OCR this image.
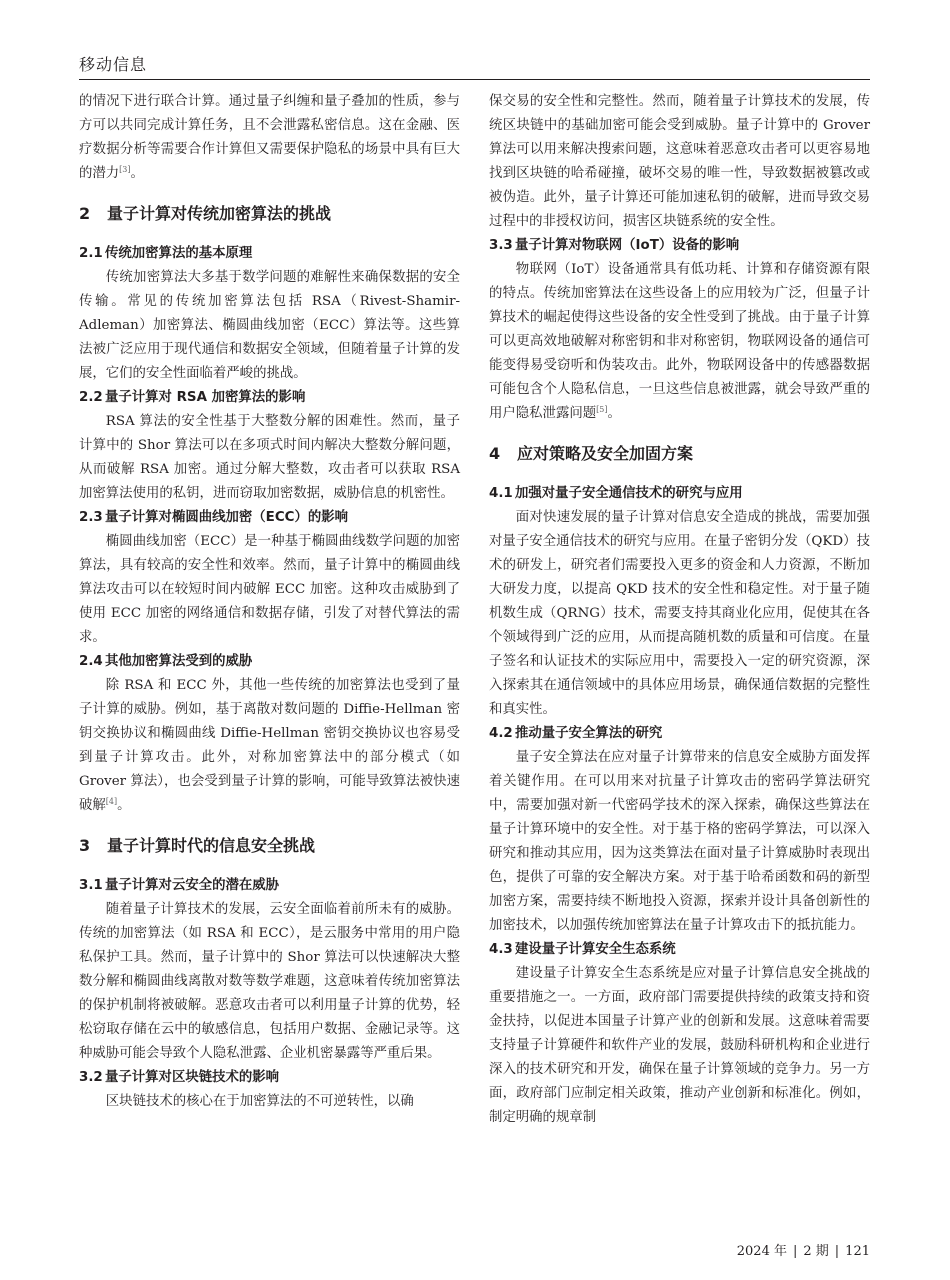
移动信息

的情况下进行联合计算。通过量子纠缠和量子叠加的性质，参与方可以共同完成计算任务，且不会泄露私密信息。这在金融、医疗数据分析等需要合作计算但又需要保护隐私的场景中具有巨大的潜力[3]。

2 量子计算对传统加密算法的挑战
2.1 传统加密算法的基本原理

传统加密算法大多基于数学问题的难解性来确保数据的安全传输。常见的传统加密算法包括 RSA（Rivest-Shamir-Adleman）加密算法、椭圆曲线加密（ECC）算法等。这些算法被广泛应用于现代通信和数据安全领域，但随着量子计算的发展，它们的安全性面临着严峻的挑战。

2.2 量子计算对 RSA 加密算法的影响

RSA 算法的安全性基于大整数分解的困难性。然而，量子计算中的 Shor 算法可以在多项式时间内解决大整数分解问题，从而破解 RSA 加密。通过分解大整数，攻击者可以获取 RSA 加密算法使用的私钥，进而窃取加密数据，威胁信息的机密性。

2.3 量子计算对椭圆曲线加密（ECC）的影响

椭圆曲线加密（ECC）是一种基于椭圆曲线数学问题的加密算法，具有较高的安全性和效率。然而，量子计算中的椭圆曲线算法攻击可以在较短时间内破解 ECC 加密。这种攻击威胁到了使用 ECC 加密的网络通信和数据存储，引发了对替代算法的需求。

2.4 其他加密算法受到的威胁

除 RSA 和 ECC 外，其他一些传统的加密算法也受到了量子计算的威胁。例如，基于离散对数问题的 Diffie-Hellman 密钥交换协议和椭圆曲线 Diffie-Hellman 密钥交换协议也容易受到量子计算攻击。此外，对称加密算法中的部分模式（如 Grover 算法），也会受到量子计算的影响，可能导致算法被快速破解[4]。

3 量子计算时代的信息安全挑战
3.1 量子计算对云安全的潜在威胁

随着量子计算技术的发展，云安全面临着前所未有的威胁。传统的加密算法（如 RSA 和 ECC），是云服务中常用的用户隐私保护工具。然而，量子计算中的 Shor 算法可以快速解决大整数分解和椭圆曲线离散对数等数学难题，这意味着传统加密算法的保护机制将被破解。恶意攻击者可以利用量子计算的优势，轻松窃取存储在云中的敏感信息，包括用户数据、金融记录等。这种威胁可能会导致个人隐私泄露、企业机密暴露等严重后果。

3.2 量子计算对区块链技术的影响

区块链技术的核心在于加密算法的不可逆转性，以确

保交易的安全性和完整性。然而，随着量子计算技术的发展，传统区块链中的基础加密可能会受到威胁。量子计算中的 Grover 算法可以用来解决搜索问题，这意味着恶意攻击者可以更容易地找到区块链的哈希碰撞，破坏交易的唯一性，导致数据被篡改或被伪造。此外，量子计算还可能加速私钥的破解，进而导致交易过程中的非授权访问，损害区块链系统的安全性。

3.3 量子计算对物联网（IoT）设备的影响

物联网（IoT）设备通常具有低功耗、计算和存储资源有限的特点。传统加密算法在这些设备上的应用较为广泛，但量子计算技术的崛起使得这些设备的安全性受到了挑战。由于量子计算可以更高效地破解对称密钥和非对称密钥，物联网设备的通信可能变得易受窃听和伪装攻击。此外，物联网设备中的传感器数据可能包含个人隐私信息，一旦这些信息被泄露，就会导致严重的用户隐私泄露问题[5]。

4 应对策略及安全加固方案
4.1 加强对量子安全通信技术的研究与应用

面对快速发展的量子计算对信息安全造成的挑战，需要加强对量子安全通信技术的研究与应用。在量子密钥分发（QKD）技术的研发上，研究者们需要投入更多的资金和人力资源，不断加大研发力度，以提高 QKD 技术的安全性和稳定性。对于量子随机数生成（QRNG）技术，需要支持其商业化应用，促使其在各个领域得到广泛的应用，从而提高随机数的质量和可信度。在量子签名和认证技术的实际应用中，需要投入一定的研究资源，深入探索其在通信领域中的具体应用场景，确保通信数据的完整性和真实性。

4.2 推动量子安全算法的研究

量子安全算法在应对量子计算带来的信息安全威胁方面发挥着关键作用。在可以用来对抗量子计算攻击的密码学算法研究中，需要加强对新一代密码学技术的深入探索，确保这些算法在量子计算环境中的安全性。对于基于格的密码学算法，可以深入研究和推动其应用，因为这类算法在面对量子计算威胁时表现出色，提供了可靠的安全解决方案。对于基于哈希函数和码的新型加密方案，需要持续不断地投入资源，探索并设计具备创新性的加密技术，以加强传统加密算法在量子计算攻击下的抵抗能力。

4.3 建设量子计算安全生态系统

建设量子计算安全生态系统是应对量子计算信息安全挑战的重要措施之一。一方面，政府部门需要提供持续的政策支持和资金扶持，以促进本国量子计算产业的创新和发展。这意味着需要支持量子计算硬件和软件产业的发展，鼓励科研机构和企业进行深入的技术研究和开发，确保在量子计算领域的竞争力。另一方面，政府部门应制定相关政策，推动产业创新和标准化。例如，制定明确的规章制

2024 年 | 2 期 | 121
